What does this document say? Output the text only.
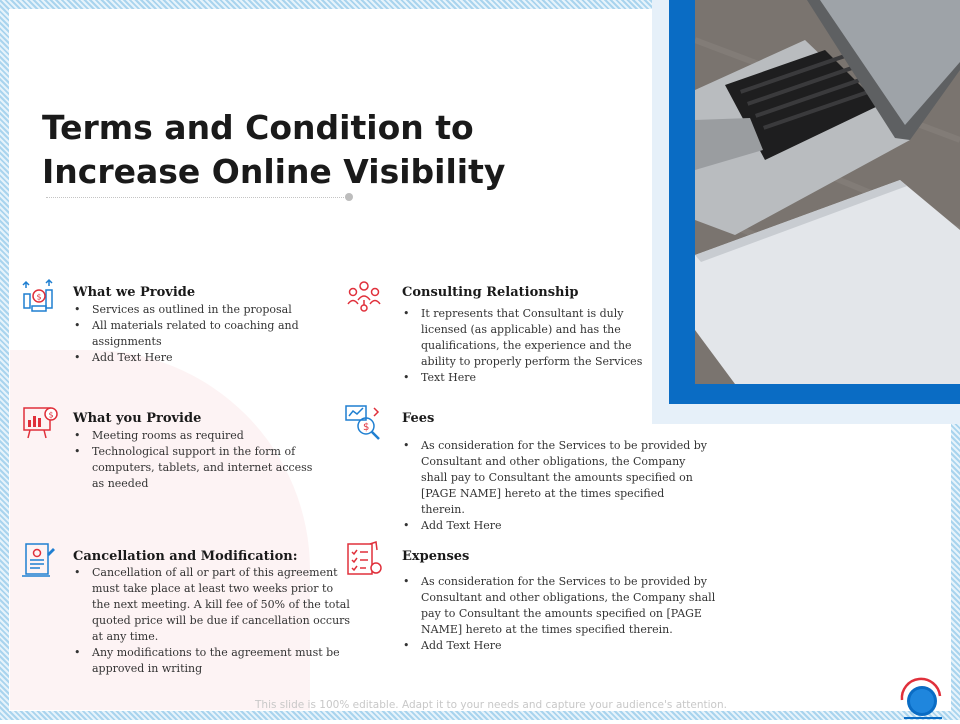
Terms and Condition to Increase Online Visibility
$ What we Provide
• Services as outlined in the proposal
• All materials related to coaching and assignments
• Add Text Here
$ What you Provide
• Meeting rooms as required
• Technological support in the form of computers, tablets, and internet access as needed
Cancellation and Modification:
• Cancellation of all or part of this agreement must take place at least two weeks prior to the next meeting. A kill fee of 50% of the total quoted price will be due if cancellation occurs at any time.
• Any modifications to the agreement must be approved in writing
Consulting Relationship
• It represents that Consultant is duly licensed (as applicable) and has the qualifications, the experience and the ability to properly perform the Services
• Text Here
$
Fees
• As consideration for the Services to be provided by Consultant and other obligations, the Company shall pay to Consultant the amounts specified on [PAGE NAME] hereto at the times specified therein.
• Add Text Here
Expenses
• As consideration for the Services to be provided by Consultant and other obligations, the Company shall pay to Consultant the amounts specified on [PAGE NAME] hereto at the times specified therein.
• Add Text Here
This slide is 100% editable. Adapt it to your needs and capture your audience's attention.
